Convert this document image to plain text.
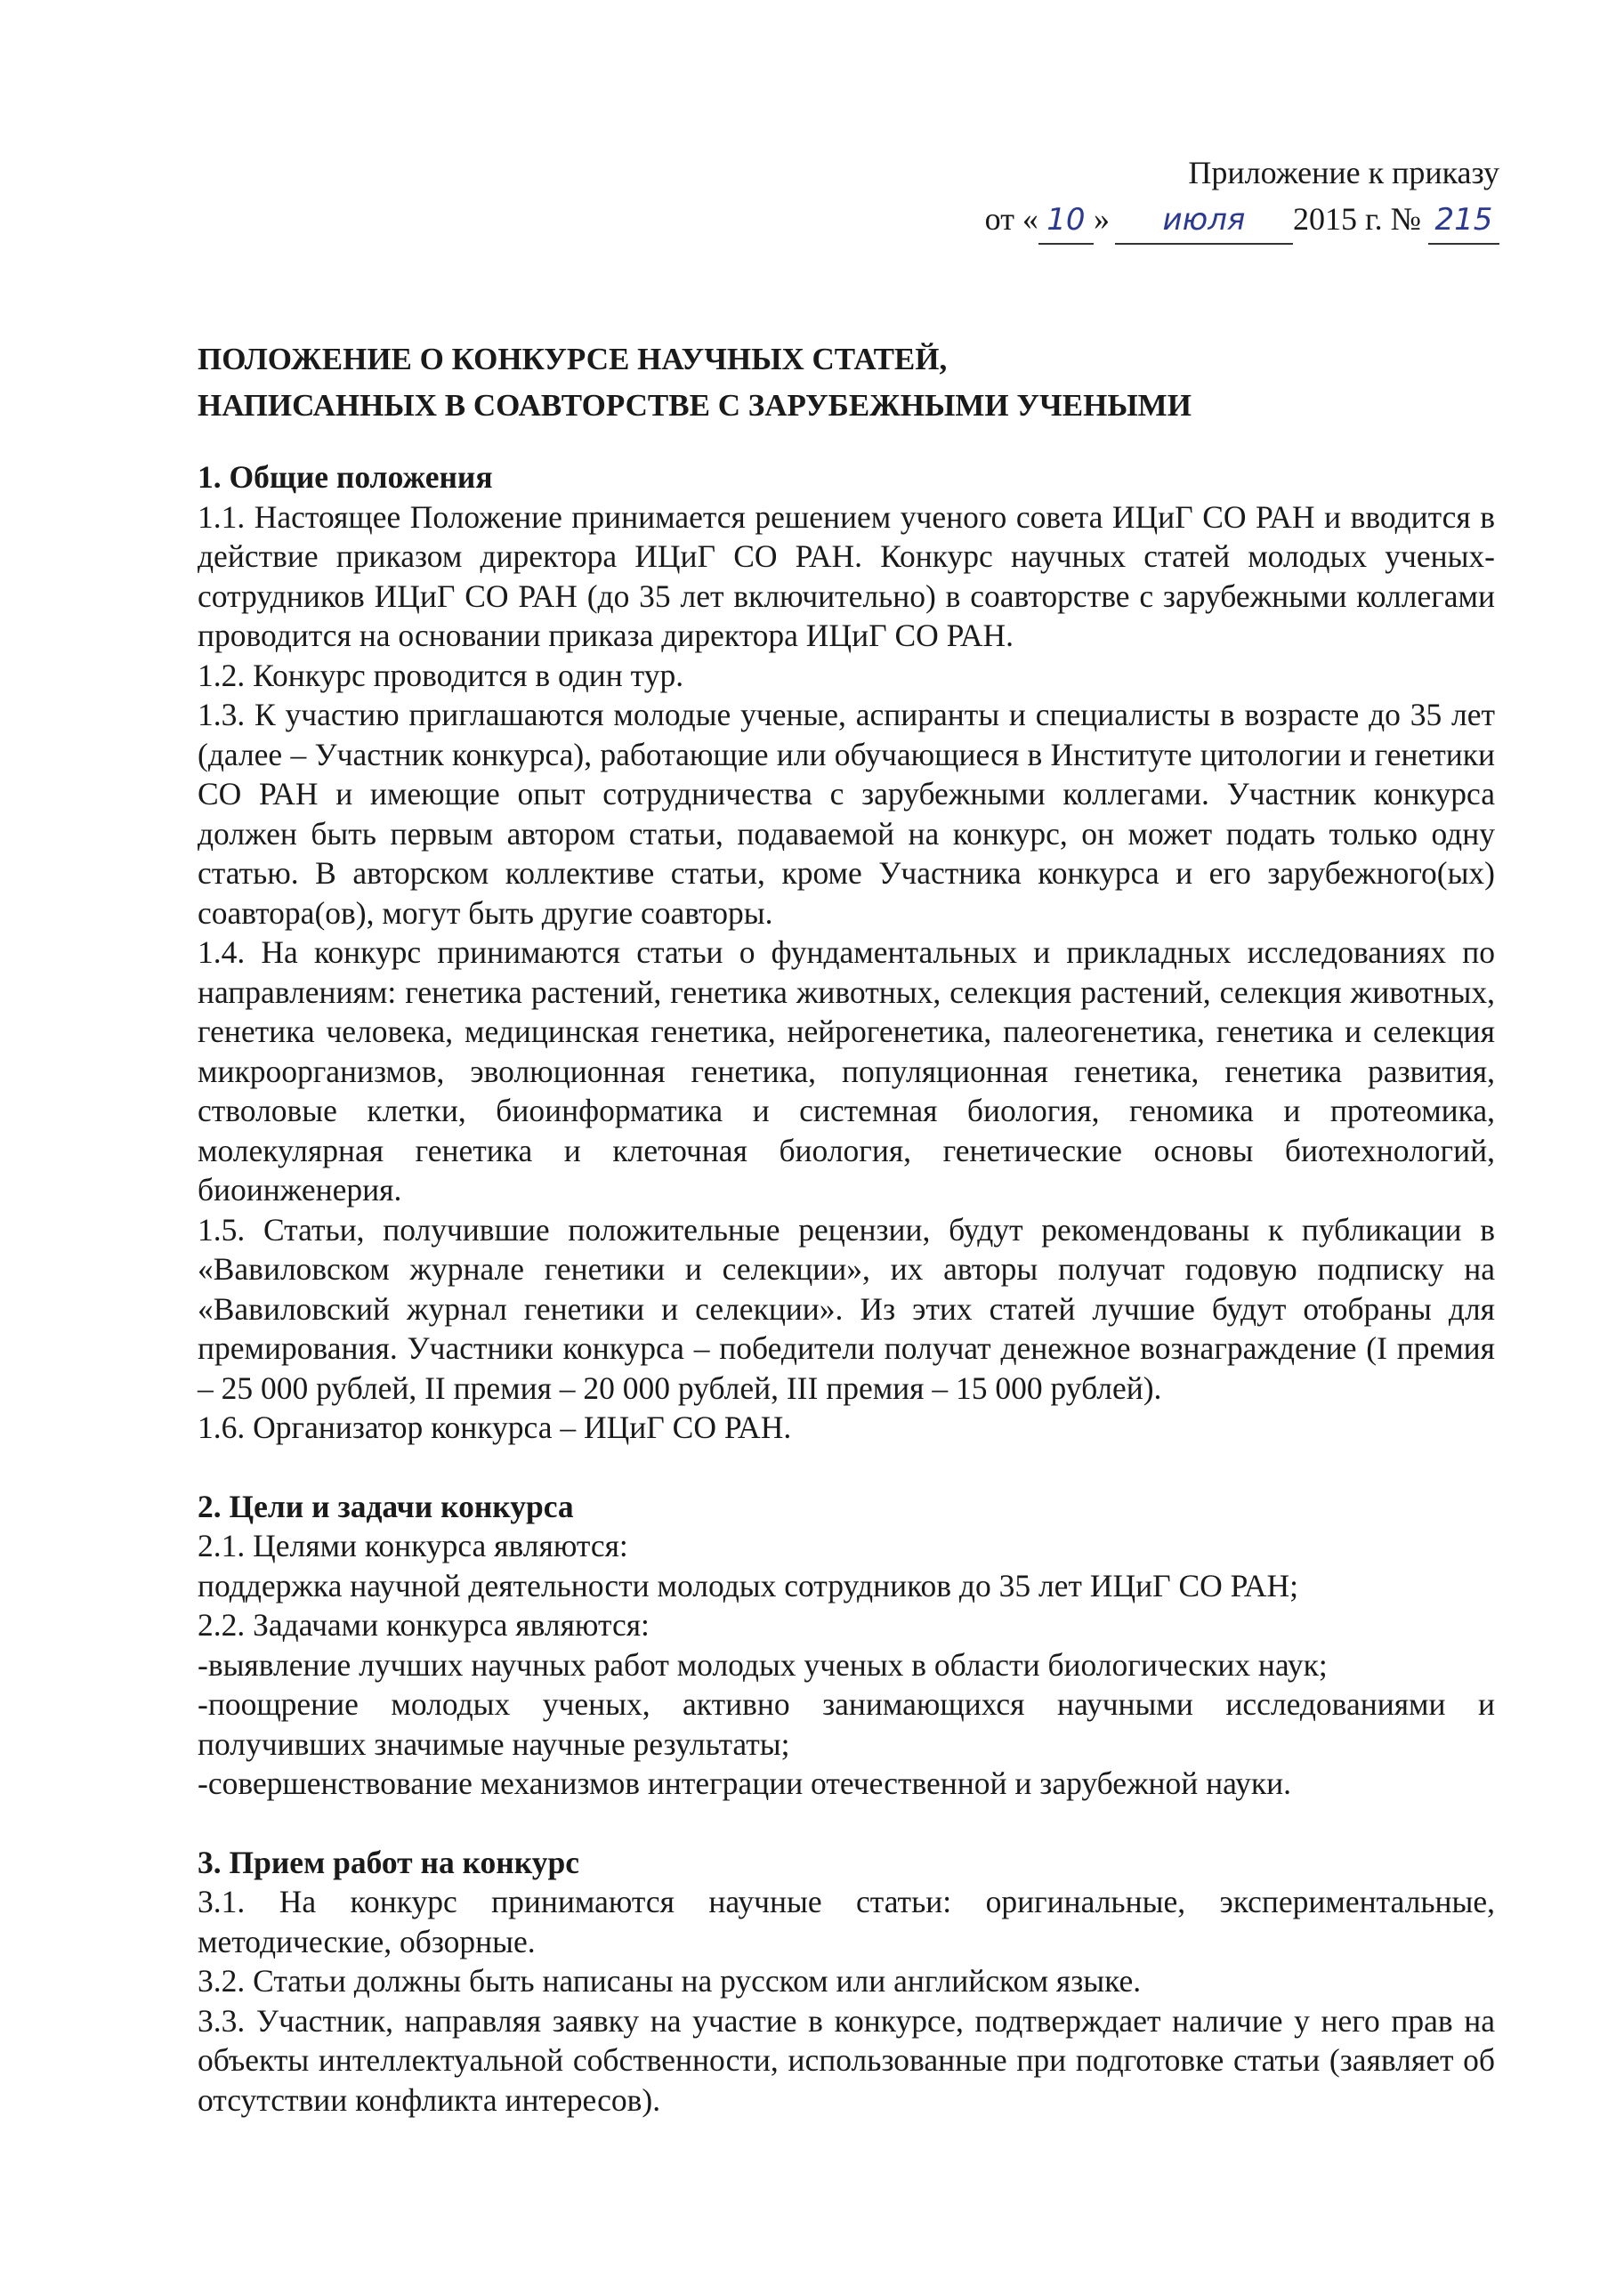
Приложение к приказу
от « 10 » июля 2015 г. № 215
ПОЛОЖЕНИЕ О КОНКУРСЕ НАУЧНЫХ СТАТЕЙ,
НАПИСАННЫХ В СОАВТОРСТВЕ С ЗАРУБЕЖНЫМИ УЧЕНЫМИ

1. Общие положения

1.1. Настоящее Положение принимается решением ученого совета ИЦиГ СО РАН и вводится в действие приказом директора ИЦиГ СО РАН. Конкурс научных статей молодых ученых-сотрудников ИЦиГ СО РАН (до 35 лет включительно) в соавторстве с зарубежными коллегами проводится на основании приказа директора ИЦиГ СО РАН.

1.2. Конкурс проводится в один тур.

1.3. К участию приглашаются молодые ученые, аспиранты и специалисты в возрасте до 35 лет (далее – Участник конкурса), работающие или обучающиеся в Институте цитологии и генетики СО РАН и имеющие опыт сотрудничества с зарубежными коллегами. Участник конкурса должен быть первым автором статьи, подаваемой на конкурс, он может подать только одну статью. В авторском коллективе статьи, кроме Участника конкурса и его зарубежного(ых) соавтора(ов), могут быть другие соавторы.

1.4. На конкурс принимаются статьи о фундаментальных и прикладных исследованиях по направлениям: генетика растений, генетика животных, селекция растений, селекция животных, генетика человека, медицинская генетика, нейрогенетика, палеогенетика, генетика и селекция микроорганизмов, эволюционная генетика, популяционная генетика, генетика развития, стволовые клетки, биоинформатика и системная биология, геномика и протеомика, молекулярная генетика и клеточная биология, генетические основы биотехнологий, биоинженерия.

1.5. Статьи, получившие положительные рецензии, будут рекомендованы к публикации в «Вавиловском журнале генетики и селекции», их авторы получат годовую подписку на «Вавиловский журнал генетики и селекции». Из этих статей лучшие будут отобраны для премирования. Участники конкурса – победители получат денежное вознаграждение (I премия – 25 000 рублей, II премия – 20 000 рублей, III премия – 15 000 рублей).

1.6. Организатор конкурса – ИЦиГ СО РАН.

2. Цели и задачи конкурса

2.1. Целями конкурса являются:

поддержка научной деятельности молодых сотрудников до 35 лет ИЦиГ СО РАН;

2.2. Задачами конкурса являются:

-выявление лучших научных работ молодых ученых в области биологических наук;

-поощрение молодых ученых, активно занимающихся научными исследованиями и получивших значимые научные результаты;

-совершенствование механизмов интеграции отечественной и зарубежной науки.

3. Прием работ на конкурс

3.1. На конкурс принимаются научные статьи: оригинальные, экспериментальные, методические, обзорные.

3.2. Статьи должны быть написаны на русском или английском языке.

3.3. Участник, направляя заявку на участие в конкурсе, подтверждает наличие у него прав на объекты интеллектуальной собственности, использованные при подготовке статьи (заявляет об отсутствии конфликта интересов).
